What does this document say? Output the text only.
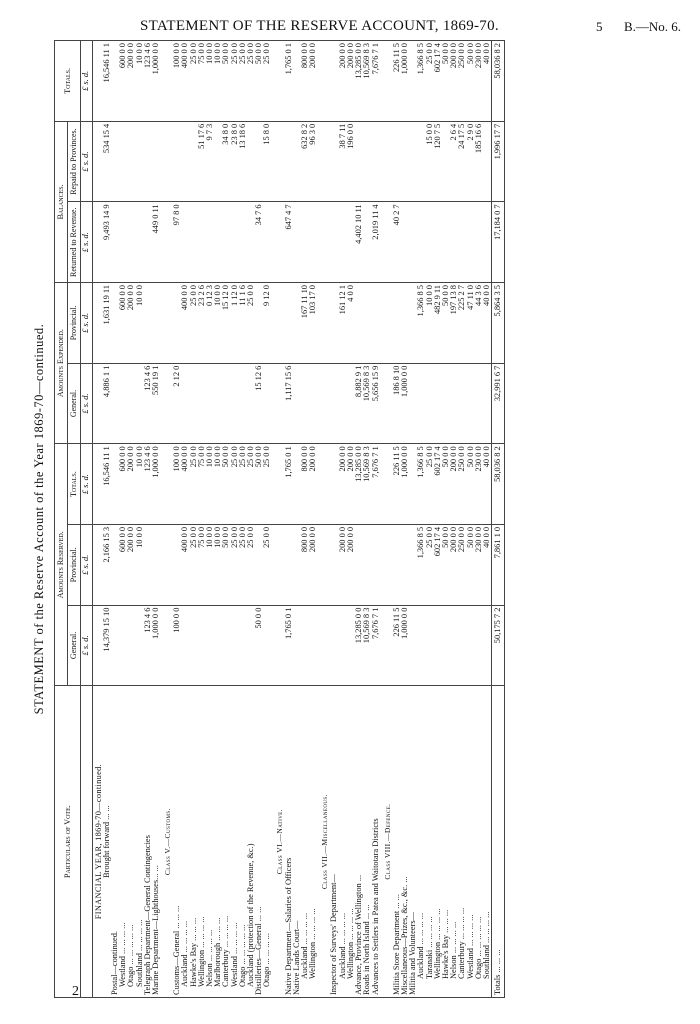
STATEMENT OF THE RESERVE ACCOUNT, 1869-70.	5 B.—No. 6.
STATEMENT of the Reserve Account of the Year 1869-70—continued.
Particulars of Vote.	Amounts Reserved.			Amounts Expended.		Balances.		Totals.
	General.	Provincial.	Totals.	General.	Provincial.	Returned to Revenue.	Repaid to Provinces.	
	£ s. d.	£ s. d.	£ s. d.	£ s. d.	£ s. d.	£ s. d.	£ s. d.	£ s. d.
FINANCIAL YEAR, 1869-70—continued.								
Brought forward ... ...	14,379 15 10	2,166 15 3	16,546 11 1	4,886 1 1	1,631 19 11	9,493 14 9	534 15 4	16,546 11 1
Postal—continued.								
Westland ... ... ... ...		600 0 0	600 0 0		600 0 0			600 0 0
Otago ... ... ... ... ...		200 0 0	200 0 0		200 0 0			200 0 0
Southland ... ... ... ...		10 0 0	10 0 0		10 0 0			10 0 0
Telegraph Department—General Contingencies	123 4 6		123 4 6	123 4 6				123 4 6
Marine Department—Lighthouses... ...	1,000 0 0		1,000 0 0	550 19 1		449 0 11		1,000 0 0
Class V.—Customs.								
Customs—General ... ... ...	100 0 0		100 0 0	2 12 0		97 8 0		100 0 0
Auckland ... ... ... ...		400 0 0	400 0 0		400 0 0			400 0 0
Hawke's Bay ... ... ...		25 0 0	25 0 0		25 0 0			25 0 0
Wellington ... ... ... ...		75 0 0	75 0 0		23 2 6		51 17 6	75 0 0
Nelson ... ... ... ...		10 0 0	10 0 0		0 12 3		9 7 3	10 0 0
Marlborough ... ... ...		10 0 0	10 0 0		10 0 0			10 0 0
Canterbury ... ... ... ...		50 0 0	50 0 0		15 12 0		34 8 0	50 0 0
Westland ... ... ... ...		25 0 0	25 0 0		1 12 0		23 8 0	25 0 0
Otago ... ... ... ... ...		25 0 0	25 0 0		11 1 6		13 18 6	25 0 0
Auckland (protection of the Revenue, &c.)		25 0 0	25 0 0		25 0 0			25 0 0
Distilleries—General ... ...	50 0 0		50 0 0	15 12 6		34 7 6		50 0 0
Otago ... ... ... ...		25 0 0	25 0 0		9 12 0		15 8 0	25 0 0
Class VI.—Native.								
Native Department—Salaries of Officers	1,765 0 1		1,765 0 1	1,117 15 6		647 4 7		1,765 0 1
Native Lands Court—								
Auckland ... ... ... ...		800 0 0	800 0 0		167 11 10		632 8 2	800 0 0
Wellington ... ... ... ...		200 0 0	200 0 0		103 17 0		96 3 0	200 0 0
Class VII.—Miscellaneous.								
Inspector of Surveys' Department—								
Auckland ... ... ... ...		200 0 0	200 0 0		161 12 1		38 7 11	200 0 0
Wellington ... ... ... ...		200 0 0	200 0 0		4 0 0		196 0 0	200 0 0
Advance, Province of Wellington ...	13,285 0 0		13,285 0 0	8,882 9 1		4,402 10 11		13,285 0 0
Roads in North Island ... ...	10,569 8 3		10,569 8 3	10,569 8 3				10,569 8 3
Advances to Settlers in Patea and Waitotara Districts	7,676 7 1		7,676 7 1	5,656 15 9		2,019 11 4		7,676 7 1
Class VIII.—Defence.								
Militia Store Department ... ...	226 11 5		226 11 5	186 8 10		40 2 7		226 11 5
Miscellaneous—Prizes, &c., &c. ...	1,000 0 0		1,000 0 0	1,000 0 0				1,000 0 0
Militia and Volunteers—								
Auckland ... ... ... ...		1,366 8 5	1,366 8 5		1,366 8 5			1,366 8 5
Taranaki ... ... ... ...		25 0 0	25 0 0		10 0 0		15 0 0	25 0 0
Wellington ... ... ... ...		602 17 4	602 17 4		482 9 11		120 7 5	602 17 4
Hawke's Bay ... ... ...		50 0 0	50 0 0		50 0 0			50 0 0
Nelson ... ... ... ...		200 0 0	200 0 0		197 13 8		2 6 4	200 0 0
Canterbury ... ... ... ...		250 0 0	250 0 0		225 2 7		24 17 5	250 0 0
Westland ... ... ... ...		50 0 0	50 0 0		47 11 0		2 9 0	50 0 0
Otago ... ... ... ... ...		230 0 0	230 0 0		44 3 6		185 16 6	230 0 0
Southland ... ... ... ...		40 0 0	40 0 0		40 0 0			40 0 0
Totals ... ... ...	50,175 7 2	7,861 1 0	58,036 8 2	32,991 6 7	5,864 3 5	17,184 0 7	1,996 17 7	58,036 8 2
2
